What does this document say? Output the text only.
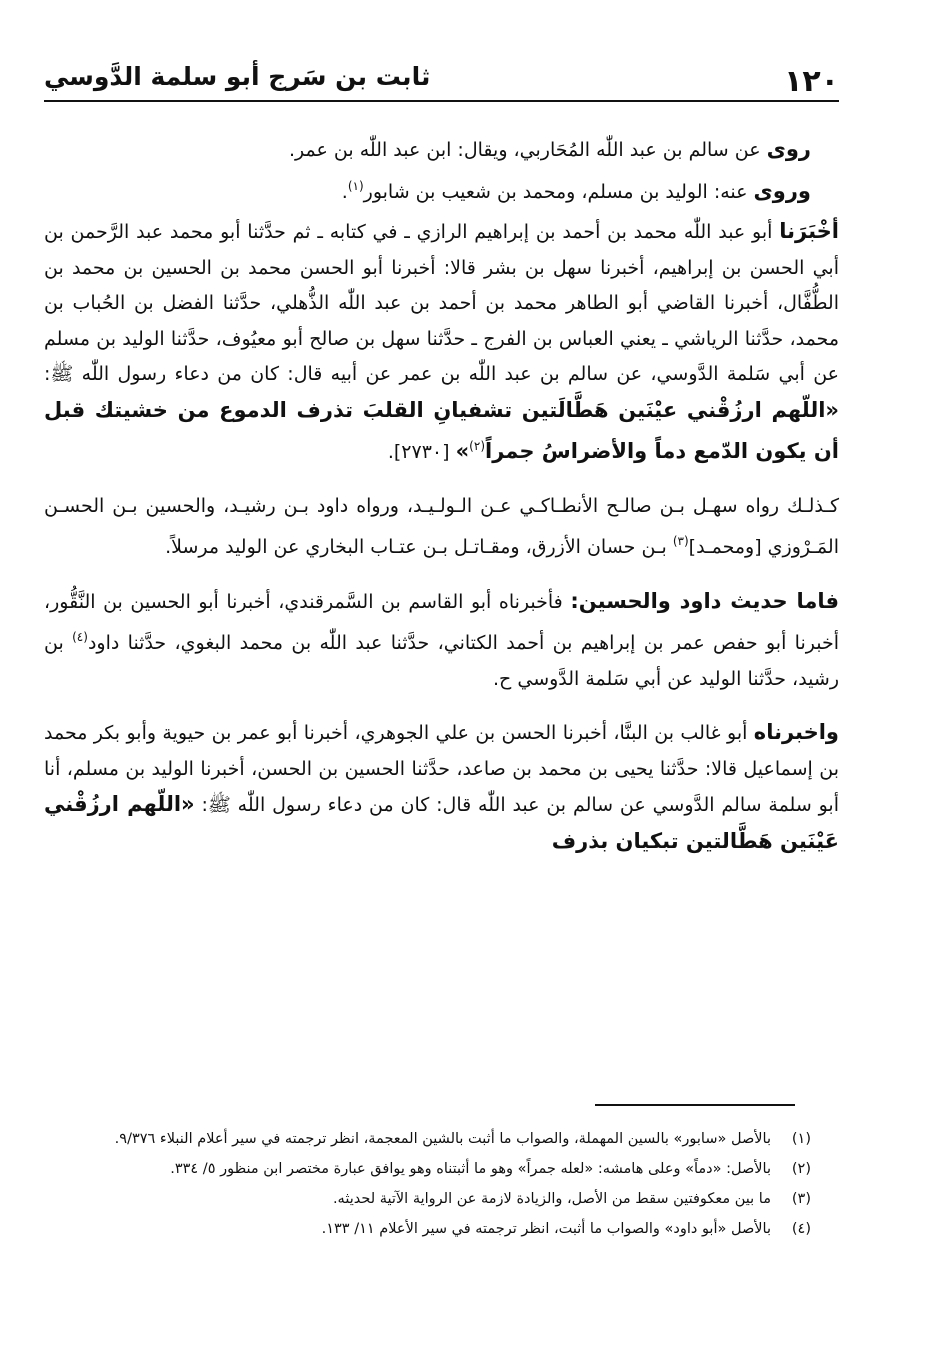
١٢٠
ثابت بن سَرج أبو سلمة الدَّوسي

روى عن سالم بن عبد اللّٰه المُحَاربي، ويقال: ابن عبد اللّٰه بن عمر.

وروى عنه: الوليد بن مسلم، ومحمد بن شعيب بن شابور$^{(١)}$.

أخْبَرَنا أبو عبد اللّٰه محمد بن أحمد بن إبراهيم الرازي ـ في كتابه ـ ثم حدَّثنا أبو محمد عبد الرَّحمن بن أبي الحسن بن إبراهيم، أخبرنا سهل بن بشر قالا: أخبرنا أبو الحسن محمد بن الحسين بن محمد بن الطُّفَّال، أخبرنا القاضي أبو الطاهر محمد بن أحمد بن عبد اللّٰه الذُّهلي، حدَّثنا الفضل بن الحُباب بن محمد، حدَّثنا الرياشي ـ يعني العباس بن الفرج ـ حدَّثنا سهل بن صالح أبو معيُوف، حدَّثنا الوليد بن مسلم عن أبي سَلمة الدَّوسي، عن سالم بن عبد اللّٰه بن عمر عن أبيه قال: كان من دعاء رسول اللّٰه ﷺ: «اللّهم ارزُقْني عيْنَين هَطَّالَتين تشفيانِ القلبَ تذرف الدموع من خشيتك قبل أن يكون الدّمع دماً والأضراسُ جمراً$^{(٢)}$» [٢٧٣٠].

كـذلـك رواه سهـل بـن صالـح الأنطـاكـي عـن الـولـيـد، ورواه داود بـن رشيـد، والحسين بـن الحسـن المَـرْوزي [ومحمـد]$^{(٣)}$ بـن حسان الأزرق، ومقـاتـل بـن عتـاب البخاري عن الوليد مرسلاً.

فاما حديث داود والحسين: فأخبرناه أبو القاسم بن السَّمرقندي، أخبرنا أبو الحسين بن النَّقُّور، أخبرنا أبو حفص عمر بن إبراهيم بن أحمد الكتاني، حدَّثنا عبد اللّٰه بن محمد البغوي، حدَّثنا داود$^{(٤)}$ بن رشيد، حدَّثنا الوليد عن أبي سَلمة الدَّوسي ح.

واخبرناه أبو غالب بن البنَّا، أخبرنا الحسن بن علي الجوهري، أخبرنا أبو عمر بن حيوية وأبو بكر محمد بن إسماعيل قالا: حدَّثنا يحيى بن محمد بن صاعد، حدَّثنا الحسين بن الحسن، أخبرنا الوليد بن مسلم، أنا أبو سلمة سالم الدَّوسي عن سالم بن عبد اللّٰه قال: كان من دعاء رسول اللّٰه ﷺ: «اللّهم ارزُقْني عَيْنَين هَطَّالتين تبكيان بذرف

(١)
بالأصل «سابور» بالسين المهملة، والصواب ما أثبت بالشين المعجمة، انظر ترجمته في سير أعلام النبلاء ٩/٣٧٦.

(٢)
بالأصل: «دماً» وعلى هامشه: «لعله جمراً» وهو ما أثبتناه وهو يوافق عبارة مختصر ابن منظور ٥/ ٣٣٤.

(٣)
ما بين معكوفتين سقط من الأصل، والزيادة لازمة عن الرواية الآتية لحديثه.

(٤)
بالأصل «أبو داود» والصواب ما أثبت، انظر ترجمته في سير الأعلام ١١/ ١٣٣.
